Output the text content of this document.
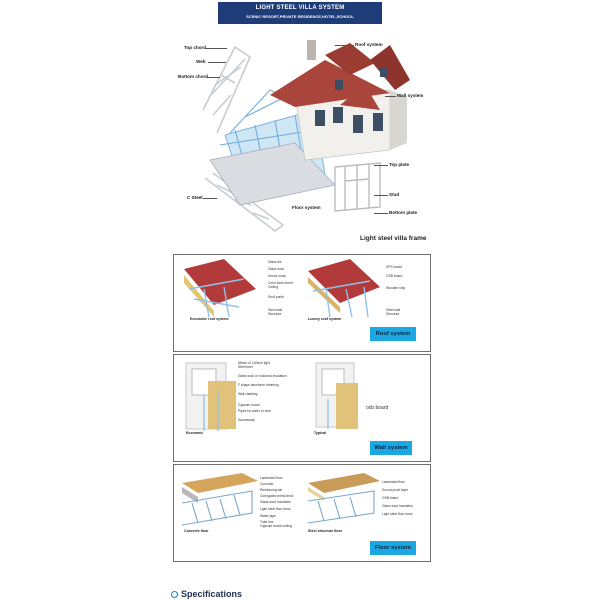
LIGHT STEEL VILLA SYSTEM
SCENIC RESORT,PRIVATE RESIDENCE,HOTEL,SCHOOL
Top chord
Web
Bottom chord
Roof system
Wall system
Top plate
C Steel
Stud
Floor system
Bottom plate
Light steel villa frame
Glass tile
Glass wool
House wrap
Color steel sheet Ceiling
Roof purlin
Steel wall Structure
XPS board
OSB board
Wooden strip
Steel wall Structure
Economic roof system	Luxury roof system
Roof system
89mm or 140mm light Steel keel
Glass wool or rockwool insulation
F shape aluminum trimming
Wall cladding
Gypsum board
Pipes for water or wire
Housewrap
osb board
Economic	Typical
Wall system
Laminated floor
Concrete
Reinforcing bar
Corrugated metal deck
Glass wool insulation
Light steel floor truss
Water pipe
Tube line
Gypsum board ceiling
Laminated floor
Sound-proof layer
OSB board
Glass wool insulation
Light steel floor truss
Concrete floor	Steel structure floor
Floor system
Specifications
